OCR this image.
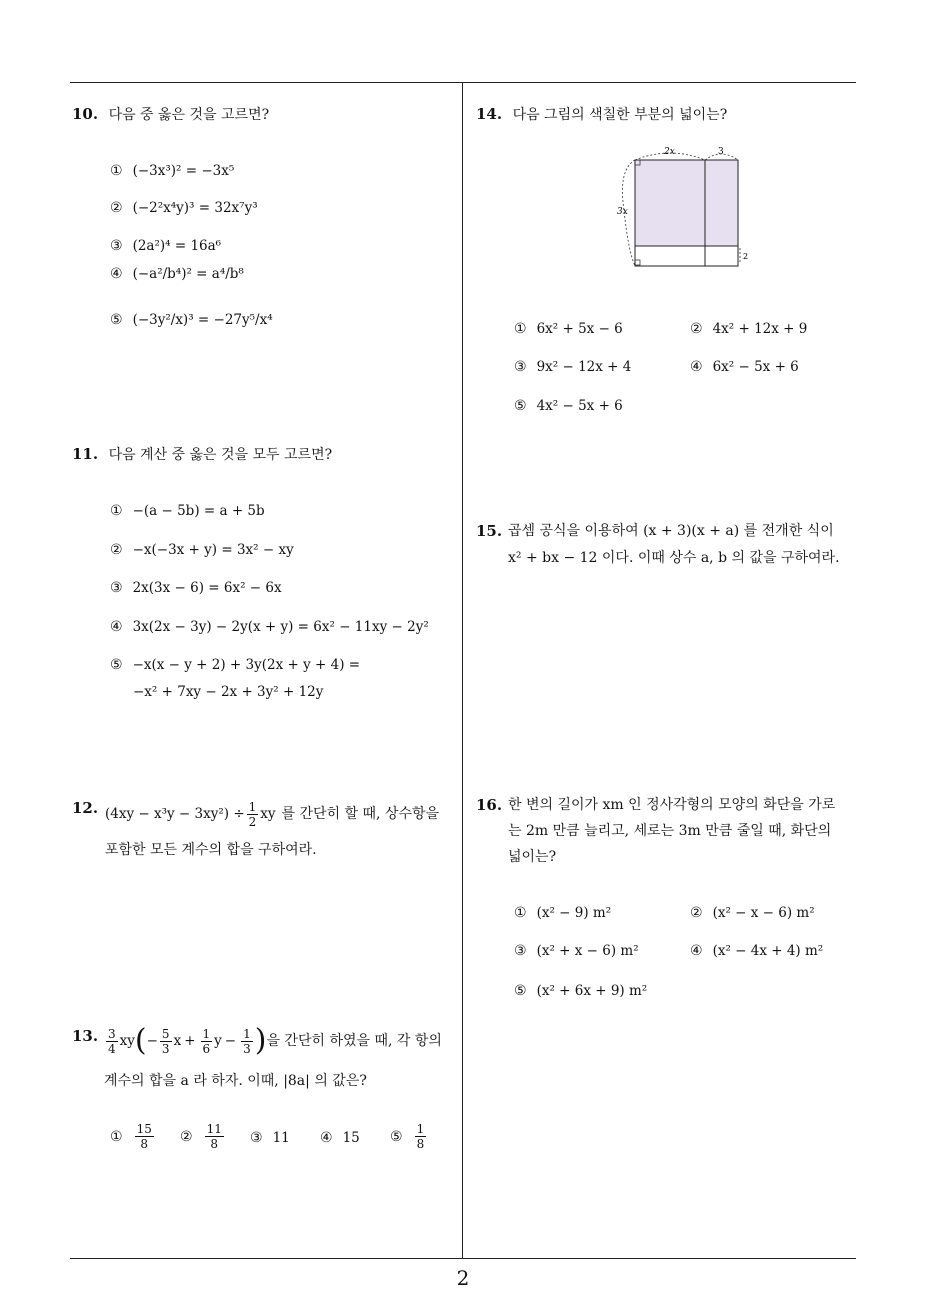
10. 다음 중 옳은 것을 고르면?
① (−3x³)² = −3x⁵
② (−2²x⁴y)³ = 32x⁷y³
③ (2a²)⁴ = 16a⁶
④ (−a²/b⁴)² = a⁴/b⁸
⑤ (−3y²/x)³ = −27y⁵/x⁴
11. 다음 계산 중 옳은 것을 모두 고르면?
① −(a − 5b) = a + 5b
② −x(−3x + y) = 3x² − xy
③ 2x(3x − 6) = 6x² − 6x
④ 3x(2x − 3y) − 2y(x + y) = 6x² − 11xy − 2y²
⑤ −x(x − y + 2) + 3y(2x + y + 4) =
−x² + 7xy − 2x + 3y² + 12y
12. $(4xy - x^3y - 3xy^2) \div \frac{1}{2}$ xy 를 간단히 할 때, 상수항을
포함한 모든 계수의 합을 구하여라.
13. $\frac{3}{4}$ xy ( − $\frac{5}{3}$ $x + \frac{1}{6}$ $y - \frac{1}{3}$ ) 을 간단히 하였을 때, 각 항의
계수의 합을 a 라 하자. 이때, |8a| 의 값은?
① $\frac{15}{8}$ ② $\frac{11}{8}$ ③ 11 ④ 15 ⑤ $\frac{1}{8}$
14. 다음 그림의 색칠한 부분의 넓이는?
2x	3
3x
2
① 6x² + 5x − 6	② 4x² + 12x + 9
③ 9x² − 12x + 4	④ 6x² − 5x + 6
⑤ 4x² − 5x + 6
15. 곱셈 공식을 이용하여 (x + 3)(x + a) 를 전개한 식이
x² + bx − 12 이다. 이때 상수 a, b 의 값을 구하여라.
16. 한 변의 길이가 xm 인 정사각형의 모양의 화단을 가로
는 2m 만큼 늘리고, 세로는 3m 만큼 줄일 때, 화단의
넓이는?
① (x² − 9) m²	② (x² − x − 6) m²
③ (x² + x − 6) m²	④ (x² − 4x + 4) m²
⑤ (x² + 6x + 9) m²
2
